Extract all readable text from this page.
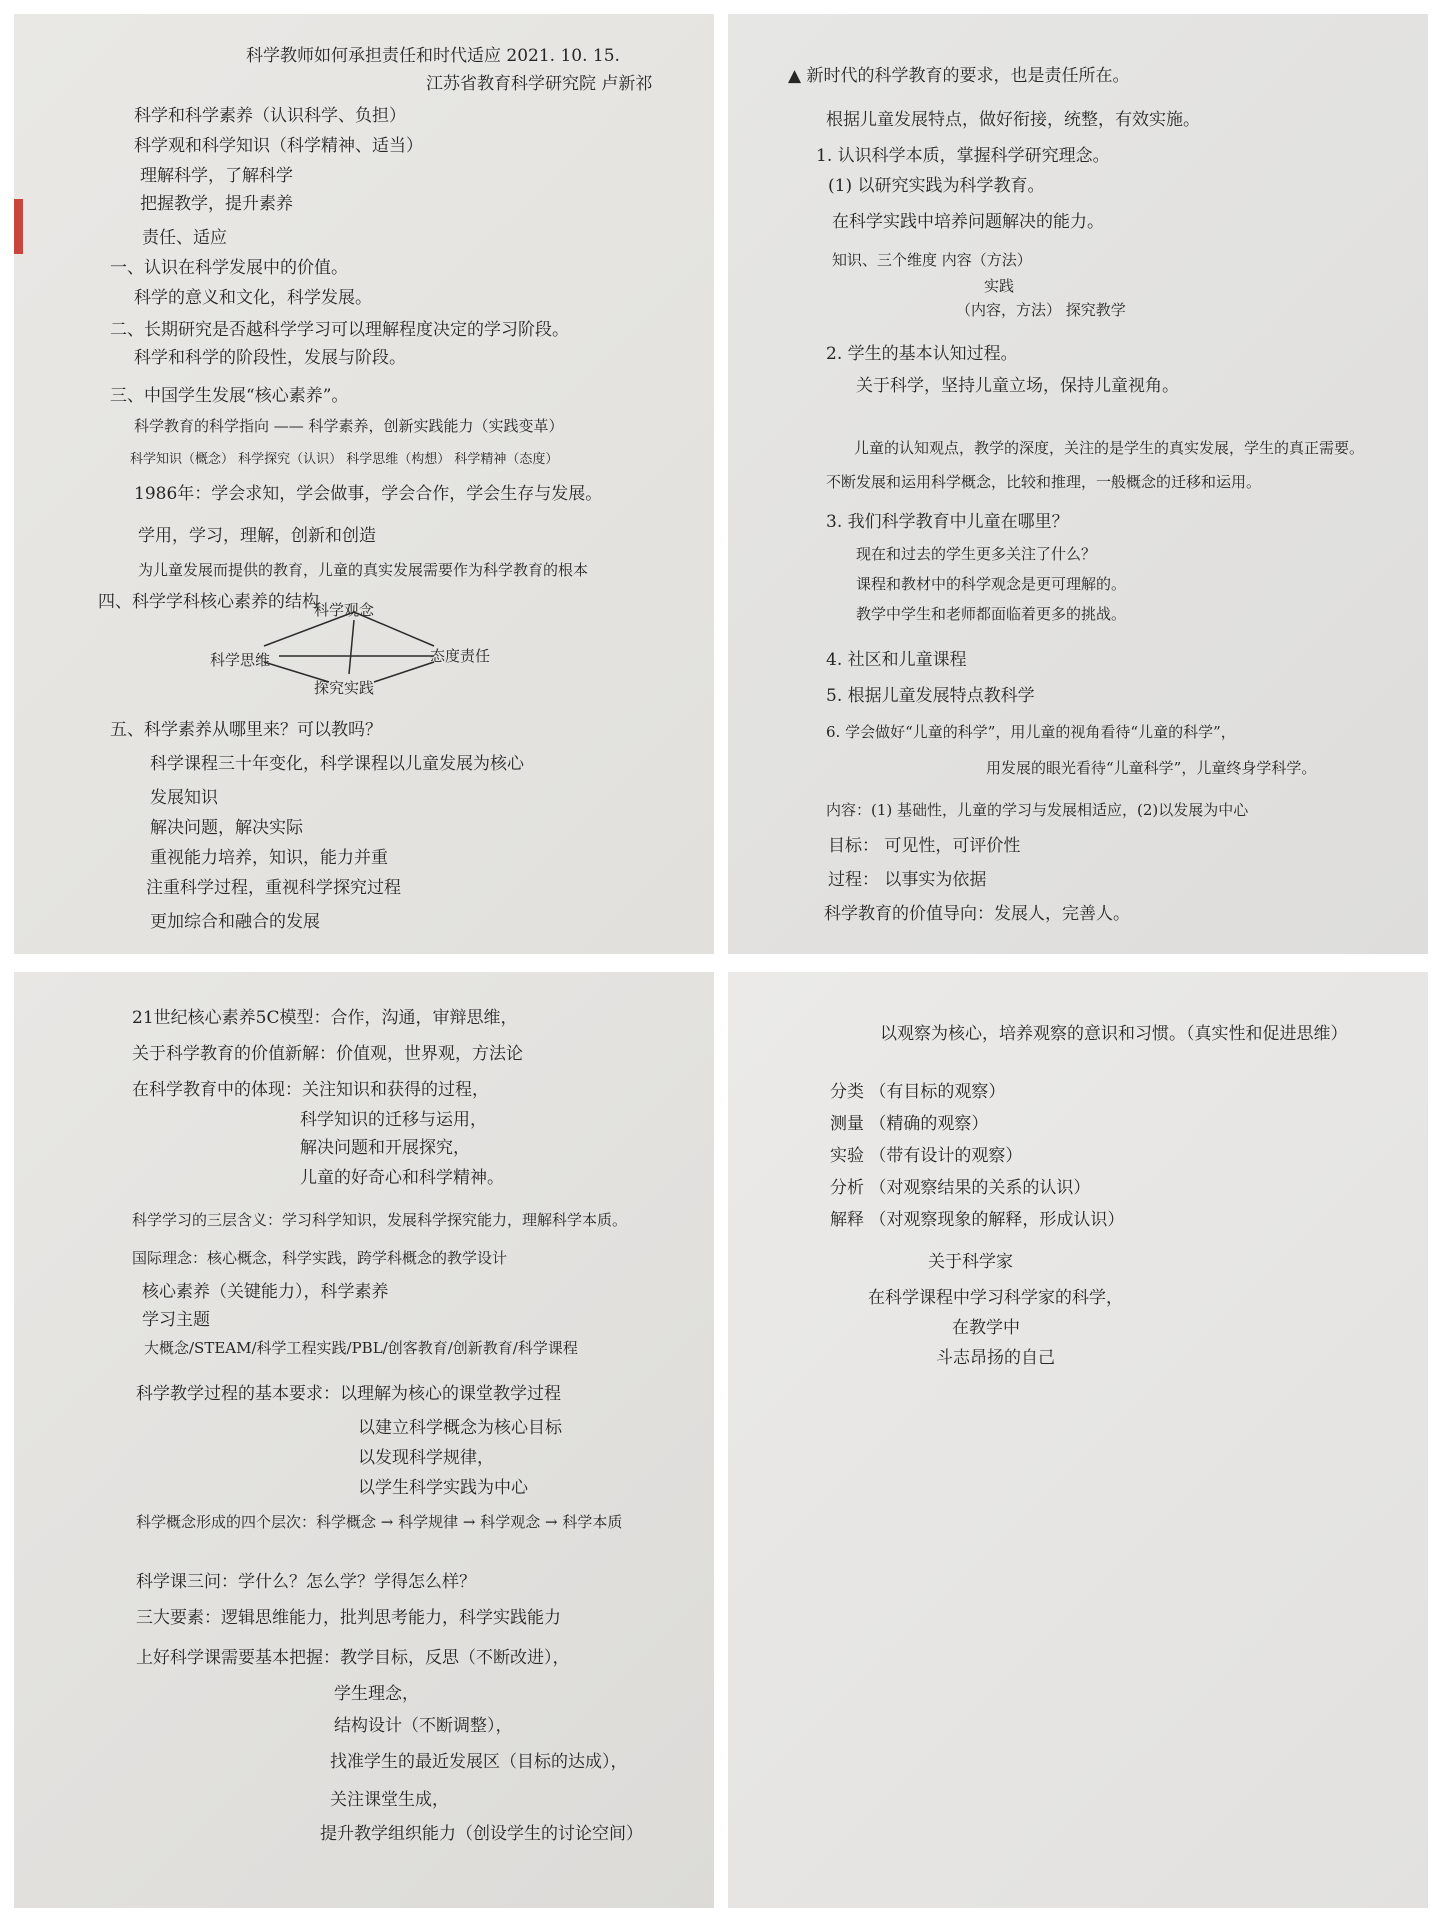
科学教师如何承担责任和时代适应 2021. 10. 15.
江苏省教育科学研究院 卢新祁
科学和科学素养（认识科学、负担）
科学观和科学知识（科学精神、适当）
理解科学，了解科学
把握教学，提升素养
责任、适应
一、认识在科学发展中的价值。
科学的意义和文化，科学发展。
二、长期研究是否越科学学习可以理解程度决定的学习阶段。
科学和科学的阶段性，发展与阶段。
三、中国学生发展“核心素养”。
科学教育的科学指向 —— 科学素养，创新实践能力（实践变革）
科学知识（概念） 科学探究（认识） 科学思维（构想） 科学精神（态度）
1986年：学会求知，学会做事，学会合作，学会生存与发展。
学用，学习，理解，创新和创造
为儿童发展而提供的教育，儿童的真实发展需要作为科学教育的根本
四、科学学科核心素养的结构
科学观念
科学思维	态度责任
探究实践
五、科学素养从哪里来？可以教吗？
科学课程三十年变化，科学课程以儿童发展为核心
发展知识
解决问题，解决实际
重视能力培养，知识，能力并重
注重科学过程，重视科学探究过程
更加综合和融合的发展
▲ 新时代的科学教育的要求，也是责任所在。
根据儿童发展特点，做好衔接，统整，有效实施。
1. 认识科学本质，掌握科学研究理念。
(1) 以研究实践为科学教育。
在科学实践中培养问题解决的能力。
知识、三个维度 内容（方法）
实践
（内容，方法） 探究教学
2. 学生的基本认知过程。
关于科学，坚持儿童立场，保持儿童视角。
儿童的认知观点，教学的深度，关注的是学生的真实发展，学生的真正需要。
不断发展和运用科学概念，比较和推理，一般概念的迁移和运用。
3. 我们科学教育中儿童在哪里？
现在和过去的学生更多关注了什么？
课程和教材中的科学观念是更可理解的。
教学中学生和老师都面临着更多的挑战。
4. 社区和儿童课程
5. 根据儿童发展特点教科学
6. 学会做好“儿童的科学”，用儿童的视角看待“儿童的科学”，
用发展的眼光看待“儿童科学”，儿童终身学科学。
内容：(1) 基础性，儿童的学习与发展相适应，(2)以发展为中心
目标： 可见性，可评价性
过程： 以事实为依据
科学教育的价值导向：发展人，完善人。
21世纪核心素养5C模型：合作，沟通，审辩思维，
关于科学教育的价值新解：价值观，世界观，方法论
在科学教育中的体现：关注知识和获得的过程，
科学知识的迁移与运用，
解决问题和开展探究，
儿童的好奇心和科学精神。
科学学习的三层含义：学习科学知识，发展科学探究能力，理解科学本质。
国际理念：核心概念，科学实践，跨学科概念的教学设计
核心素养（关键能力），科学素养
学习主题
大概念/STEAM/科学工程实践/PBL/创客教育/创新教育/科学课程
科学教学过程的基本要求：以理解为核心的课堂教学过程
以建立科学概念为核心目标
以发现科学规律，
以学生科学实践为中心
科学概念形成的四个层次：科学概念 → 科学规律 → 科学观念 → 科学本质
科学课三问：学什么？怎么学？学得怎么样？
三大要素：逻辑思维能力，批判思考能力，科学实践能力
上好科学课需要基本把握：教学目标，反思（不断改进），
学生理念，
结构设计（不断调整），
找准学生的最近发展区（目标的达成），
关注课堂生成，
提升教学组织能力（创设学生的讨论空间）
以观察为核心，培养观察的意识和习惯。（真实性和促进思维）
分类 （有目标的观察）
测量 （精确的观察）
实验 （带有设计的观察）
分析 （对观察结果的关系的认识）
解释 （对观察现象的解释，形成认识）
关于科学家
在科学课程中学习科学家的科学，
在教学中
斗志昂扬的自己
